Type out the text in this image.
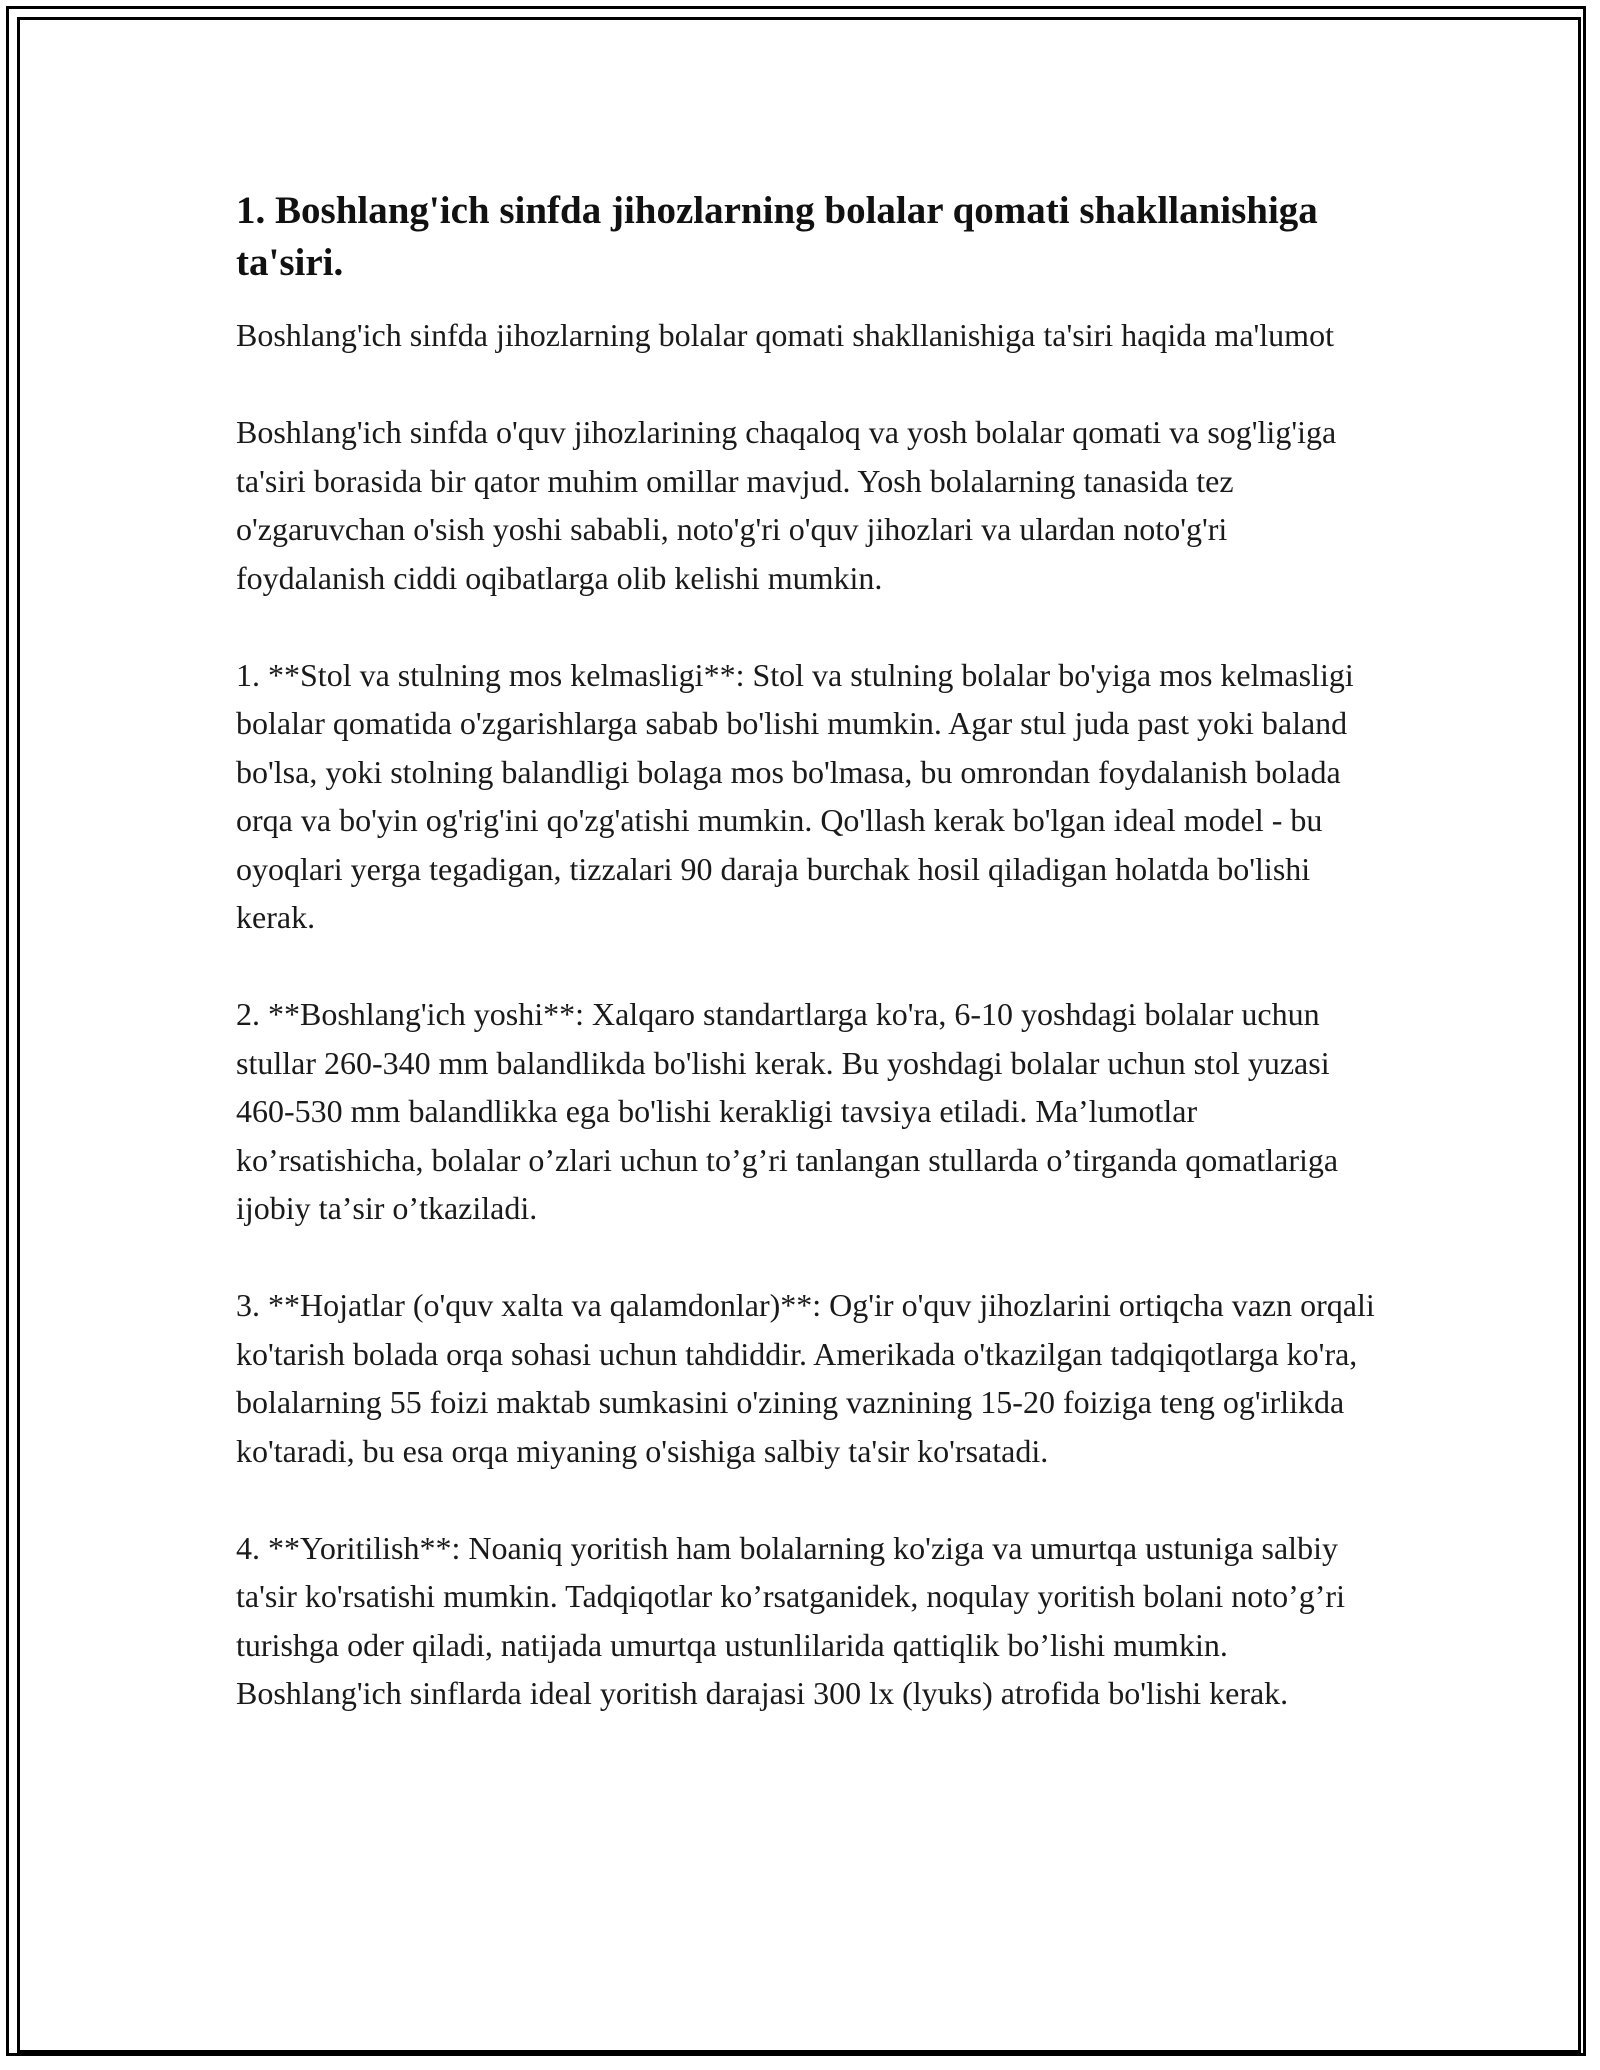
1. Boshlang'ich sinfda jihozlarning bolalar qomati shakllanishiga ta'siri.

Boshlang'ich sinfda jihozlarning bolalar qomati shakllanishiga ta'siri haqida ma'lumot

Boshlang'ich sinfda o'quv jihozlarining chaqaloq va yosh bolalar qomati va sog'lig'iga ta'siri borasida bir qator muhim omillar mavjud. Yosh bolalarning tanasida tez o'zgaruvchan o'sish yoshi sababli, noto'g'ri o'quv jihozlari va ulardan noto'g'ri foydalanish ciddi oqibatlarga olib kelishi mumkin.

1. **Stol va stulning mos kelmasligi**: Stol va stulning bolalar bo'yiga mos kelmasligi bolalar qomatida o'zgarishlarga sabab bo'lishi mumkin. Agar stul juda past yoki baland bo'lsa, yoki stolning balandligi bolaga mos bo'lmasa, bu omrondan foydalanish bolada orqa va bo'yin og'rig'ini qo'zg'atishi mumkin. Qo'llash kerak bo'lgan ideal model - bu oyoqlari yerga tegadigan, tizzalari 90 daraja burchak hosil qiladigan holatda bo'lishi kerak.

2. **Boshlang'ich yoshi**: Xalqaro standartlarga ko'ra, 6-10 yoshdagi bolalar uchun stullar 260-340 mm balandlikda bo'lishi kerak. Bu yoshdagi bolalar uchun stol yuzasi 460-530 mm balandlikka ega bo'lishi kerakligi tavsiya etiladi. Maʼlumotlar koʼrsatishicha, bolalar oʼzlari uchun toʼgʼri tanlangan stullarda oʼtirganda qomatlariga ijobiy taʼsir oʼtkaziladi.

3. **Hojatlar (o'quv xalta va qalamdonlar)**: Og'ir o'quv jihozlarini ortiqcha vazn orqali ko'tarish bolada orqa sohasi uchun tahdiddir. Amerikada o'tkazilgan tadqiqotlarga ko'ra, bolalarning 55 foizi maktab sumkasini o'zining vaznining 15-20 foiziga teng og'irlikda ko'taradi, bu esa orqa miyaning o'sishiga salbiy ta'sir ko'rsatadi.

4. **Yoritilish**: Noaniq yoritish ham bolalarning ko'ziga va umurtqa ustuniga salbiy ta'sir ko'rsatishi mumkin. Tadqiqotlar koʼrsatganidek, noqulay yoritish bolani notoʼgʼri turishga oder qiladi, natijada umurtqa ustunlilarida qattiqlik boʼlishi mumkin. Boshlang'ich sinflarda ideal yoritish darajasi 300 lx (lyuks) atrofida bo'lishi kerak.
